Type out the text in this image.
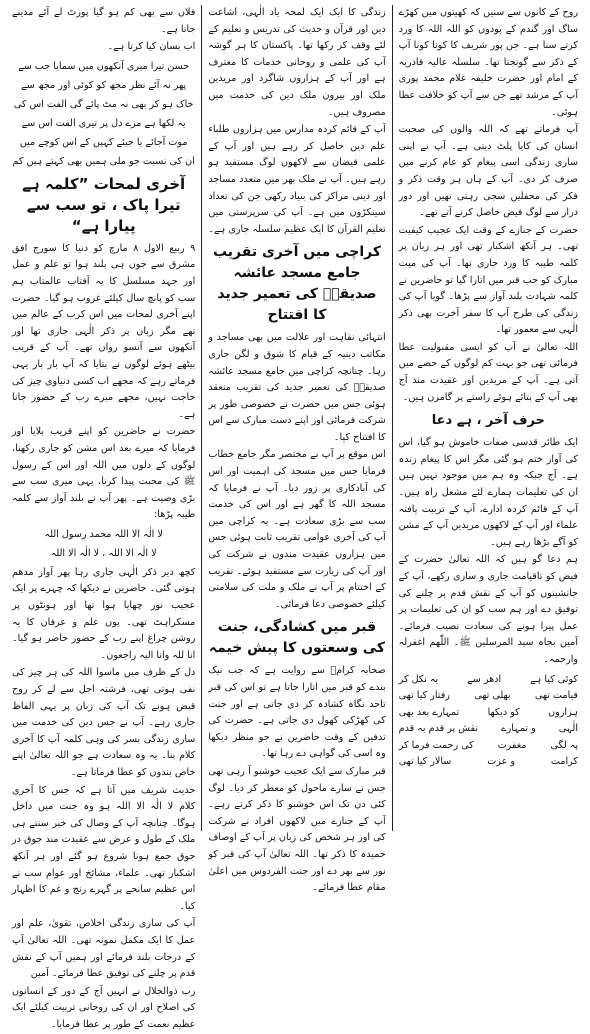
فلاں سے بھی کم ہو گیا پورٹ لے آئے مدینے جاتا ہے۔

اب بسان کیا کرتا ہے۔

حسن تیرا میری آنکھوں میں سمایا جب سے
پھر نہ آئے نظر مجھ کو کوئی اور مجھ سے
خاک ہو کر بھی نہ مٹ پائے گی الفت اس کی
یہ لکھا ہے مرے دل پر تیری الفت اس سے
موت آجائے یا جیئے کہیں کے اس کوچے میں
ان کی نسبت جو ملی ہمیں بھی کہتے ہیں کم
آخری لمحات ”کلمہ ہے تیرا پاک ، تو سب سے پیارا ہے“

۹ ربیع الاول ۸ مارچ کو دنیا کا سورج افق مشرق سے جوں ہی بلند ہوا تو علم و عمل اور جہد مسلسل کا یہ آفتاب عالمتاب ہم سب کو پانچ سال کیلئے غروب ہو گیا۔ حضرت اپنے آخری لمحات میں اس کرب کے عالم میں تھے مگر زبان پر ذکر الٰہی جاری تھا اور آنکھوں سے آنسو رواں تھے۔ آپ کے قریب بیٹھے ہوئے لوگوں نے بتایا کہ آپ بار بار یہی فرماتے رہے کہ مجھے اب کسی دنیاوی چیز کی حاجت نہیں، مجھے میرے رب کے حضور جانا ہے۔

حضرت نے حاضرین کو اپنے قریب بلایا اور فرمایا کہ میرے بعد اس مشن کو جاری رکھنا، لوگوں کے دلوں میں اللہ اور اس کے رسول ﷺ کی محبت پیدا کرنا، یہی میری سب سے بڑی وصیت ہے۔ پھر آپ نے بلند آواز سے کلمہ طیبہ پڑھا:

لا الٰہ الا اللہ محمد رسول اللہ
لا الٰہ الا اللہ ، لا الٰہ الا اللہ

کچھ دیر ذکر الٰہی جاری رہا پھر آواز مدھم ہوتی گئی۔ حاضرین نے دیکھا کہ چہرے پر ایک عجیب نور چھایا ہوا تھا اور ہونٹوں پر مسکراہٹ تھی۔ یوں علم و عرفان کا یہ روشن چراغ اپنے رب کے حضور حاضر ہو گیا۔ انا للہ وانا الیہ راجعون۔

دل کے ظرف میں ماسوا اللہ کی ہر چیز کی نفی ہوتی تھی، فرشتہ اجل سے لے کر روح قبض ہونے تک آپ کی زبان پر یہی الفاظ جاری رہے۔ آپ نے جس دین کی خدمت میں ساری زندگی بسر کی وہی کلمہ آپ کا آخری کلام بنا۔ یہ وہ سعادت ہے جو اللہ تعالیٰ اپنے خاص بندوں کو عطا فرماتا ہے۔

حدیث شریف میں آتا ہے کہ جس کا آخری کلام لا الٰہ الا اللہ ہو وہ جنت میں داخل ہوگا۔ چنانچہ آپ کے وصال کی خبر سنتے ہی ملک کے طول و عرض سے عقیدت مند جوق در جوق جمع ہونا شروع ہو گئے اور ہر آنکھ اشکبار تھی۔ علماء، مشائخ اور عوام سب نے اس عظیم سانحے پر گہرے رنج و غم کا اظہار کیا۔

آپ کی ساری زندگی اخلاص، تقویٰ، علم اور عمل کا ایک مکمل نمونہ تھی۔ اللہ تعالیٰ آپ کے درجات بلند فرمائے اور ہمیں آپ کے نقش قدم پر چلنے کی توفیق عطا فرمائے۔ آمین

رب ذوالجلال نے انہیں آج کے دور کے انسانوں کی اصلاح اور ان کی روحانی تربیت کیلئے ایک عظیم نعمت کے طور پر عطا فرمایا۔

زندگی کا ایک ایک لمحہ یاد الٰہی، اشاعت دین اور قرآن و حدیث کی تدریس و تعلیم کے لئے وقف کر رکھا تھا۔ پاکستان کا ہر گوشہ آپ کی علمی و روحانی خدمات کا معترف ہے اور آپ کے ہزاروں شاگرد اور مریدین ملک اور بیرون ملک دین کی خدمت میں مصروف ہیں۔

آپ کے قائم کردہ مدارس میں ہزاروں طلباء علم دین حاصل کر رہے ہیں اور آپ کے علمی فیضان سے لاکھوں لوگ مستفید ہو رہے ہیں۔ آپ نے ملک بھر میں متعدد مساجد اور دینی مراکز کی بنیاد رکھی جن کی تعداد سینکڑوں میں ہے۔ آپ کی سرپرستی میں تعلیم القرآن کا ایک عظیم سلسلہ جاری ہے۔

کراچی میں آخری تقریب جامع مسجد عائشہ صدیقہؓ کی تعمیر جدید کا افتتاح

انتہائی نقاہت اور علالت میں بھی مساجد و مکاتب دینیہ کے قیام کا شوق و لگن جاری رہا۔ چنانچہ کراچی میں جامع مسجد عائشہ صدیقہؓ کی تعمیر جدید کی تقریب منعقد ہوئی جس میں حضرت نے خصوصی طور پر شرکت فرمائی اور اپنے دست مبارک سے اس کا افتتاح کیا۔

اس موقع پر آپ نے مختصر مگر جامع خطاب فرمایا جس میں مسجد کی اہمیت اور اس کی آبادکاری پر زور دیا۔ آپ نے فرمایا کہ مسجد اللہ کا گھر ہے اور اس کی خدمت سب سے بڑی سعادت ہے۔ یہ کراچی میں آپ کی آخری عوامی تقریب ثابت ہوئی جس میں ہزاروں عقیدت مندوں نے شرکت کی اور آپ کی زیارت سے مستفید ہوئے۔ تقریب کے اختتام پر آپ نے ملک و ملت کی سلامتی کیلئے خصوصی دعا فرمائی۔

قبر میں کشادگی، جنت کی وسعتوں کا پیش خیمہ

صحابہ کرامؓ سے روایت ہے کہ جب نیک بندے کو قبر میں اتارا جاتا ہے تو اس کی قبر تاحد نگاہ کشادہ کر دی جاتی ہے اور جنت کی کھڑکی کھول دی جاتی ہے۔ حضرت کی تدفین کے وقت حاضرین نے جو منظر دیکھا وہ اسی کی گواہی دے رہا تھا۔

قبر مبارک سے ایک عجیب خوشبو آ رہی تھی جس نے سارے ماحول کو معطر کر دیا۔ لوگ کئی دن تک اس خوشبو کا ذکر کرتے رہے۔ آپ کے جنازے میں لاکھوں افراد نے شرکت کی اور ہر شخص کی زبان پر آپ کے اوصاف حمیدہ کا ذکر تھا۔ اللہ تعالیٰ آپ کی قبر کو نور سے بھر دے اور جنت الفردوس میں اعلیٰ مقام عطا فرمائے۔

روح کے کانوں سے سنیں کہ کھیتوں میں کھڑے ساگ اور گندم کے پودوں کو اللہ اللہ کا ورد کرتے سنا ہے۔ جن پور شریف کا کونا کونا آپ کے ذکر سے گونجتا تھا۔ سلسلہ عالیہ قادریہ کے امام اور حضرت خلیفہ غلام محمد پوری آپ کے مرشد تھے جن سے آپ کو خلافت عطا ہوئی۔

آپ فرماتے تھے کہ اللہ والوں کی صحبت انسان کی کایا پلٹ دیتی ہے۔ آپ نے اپنی ساری زندگی اسی پیغام کو عام کرنے میں صرف کر دی۔ آپ کے ہاں ہر وقت ذکر و فکر کی محفلیں سجی رہتی تھیں اور دور دراز سے لوگ فیض حاصل کرنے آتے تھے۔

حضرت کے جنازے کے وقت ایک عجیب کیفیت تھی۔ ہر آنکھ اشکبار تھی اور ہر زبان پر کلمہ طیبہ کا ورد جاری تھا۔ آپ کی میت مبارک کو جب قبر میں اتارا گیا تو حاضرین نے کلمہ شہادت بلند آواز سے پڑھا۔ گویا آپ کی زندگی کی طرح آپ کا سفر آخرت بھی ذکر الٰہی سے معمور تھا۔

اللہ تعالیٰ نے آپ کو ایسی مقبولیت عطا فرمائی تھی جو بہت کم لوگوں کے حصے میں آتی ہے۔ آپ کے مریدین اور عقیدت مند آج بھی آپ کے بتائے ہوئے راستے پر گامزن ہیں۔

حرف آخر ، ہے دعا

ایک طائر قدسی صفات خاموش ہو گیا، اس کی آواز ختم ہو گئی مگر اس کا پیغام زندہ ہے۔ آج جبکہ وہ ہم میں موجود نہیں ہیں ان کی تعلیمات ہمارے لئے مشعل راہ ہیں۔ آپ کے قائم کردہ ادارے، آپ کے تربیت یافتہ علماء اور آپ کے لاکھوں مریدین آپ کے مشن کو آگے بڑھا رہے ہیں۔

ہم دعا گو ہیں کہ اللہ تعالیٰ حضرت کے فیض کو تاقیامت جاری و ساری رکھے، آپ کے جانشینوں کو آپ کے نقش قدم پر چلنے کی توفیق دے اور ہم سب کو ان کی تعلیمات پر عمل پیرا ہونے کی سعادت نصیب فرمائے۔ آمین بجاہ سید المرسلین ﷺ۔ اللّٰھم اغفرلہ وارحمہ۔

کوئی کیا ہے
ادھر سے
یہ نکل کر
قیامت تھی
بھلی تھی
رفتار کیا تھی
ہزاروں
کو دیکھا
تمہارے بعد بھی
الٰہی
و تمہارے
نقش پر قدم بہ قدم
پہ لگی
مغفرت
کی رحمت فرما کر
کرامت
و عزت
سالار کیا تھی
